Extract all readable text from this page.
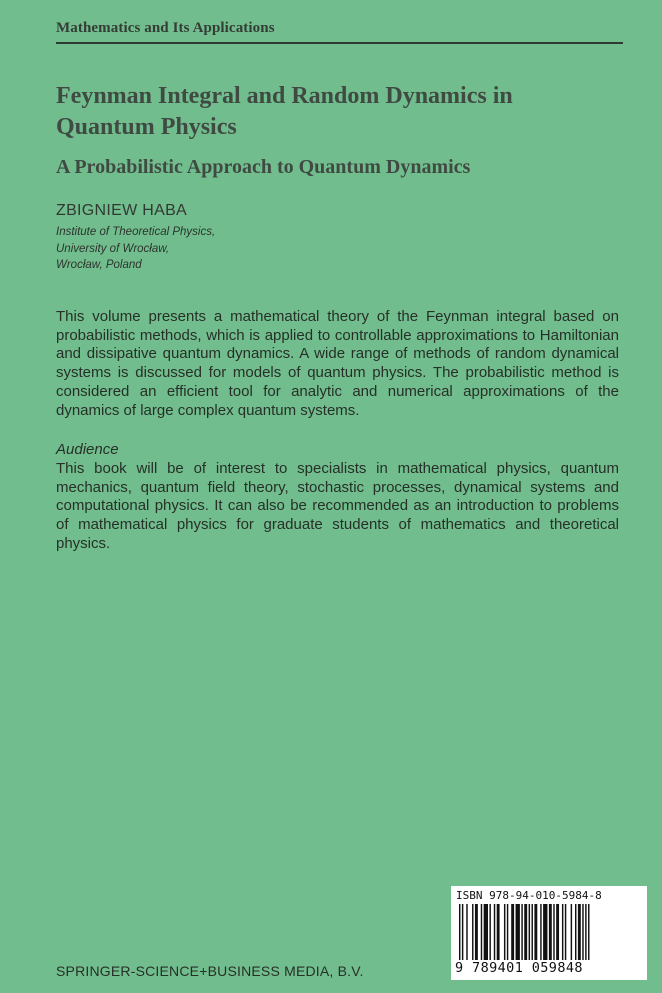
Mathematics and Its Applications
Feynman Integral and Random Dynamics in Quantum Physics
A Probabilistic Approach to Quantum Dynamics
ZBIGNIEW HABA
Institute of Theoretical Physics,
University of Wrocław,
Wrocław, Poland

This volume presents a mathematical theory of the Feynman integral based on probabilistic methods, which is applied to controllable approximations to Hamiltonian and dissipative quantum dynamics. A wide range of methods of random dynamical systems is discussed for models of quantum physics. The probabilistic method is considered an efficient tool for analytic and numerical approximations of the dynamics of large complex quantum systems.

Audience

This book will be of interest to specialists in mathematical physics, quantum mechanics, quantum field theory, stochastic processes, dynamical systems and computational physics. It can also be recommended as an introduction to problems of mathematical physics for graduate students of mathematics and theoretical physics.

SPRINGER-SCIENCE+BUSINESS MEDIA, B.V.
ISBN 978-94-010-5984-8
9 789401 059848
